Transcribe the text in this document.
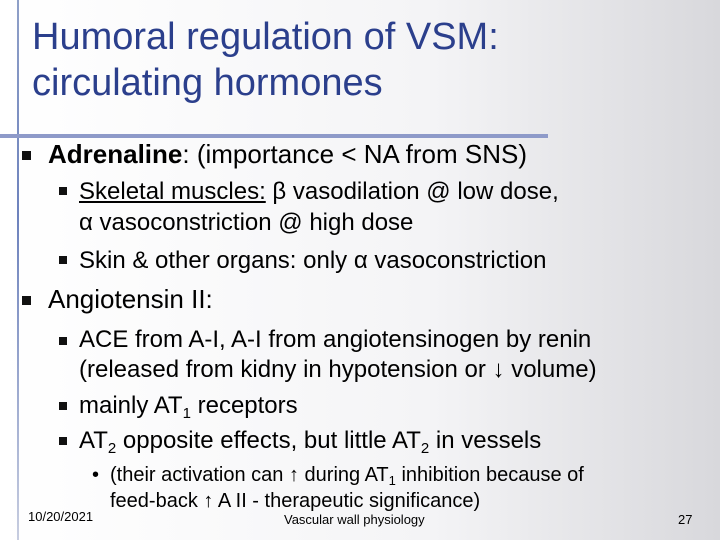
Humoral regulation of VSM:
circulating hormones
Adrenaline: (importance < NA from SNS)
Skeletal muscles: β vasodilation @ low dose,
α vasoconstriction @ high dose
Skin & other organs: only α vasoconstriction
Angiotensin II:
ACE from A-I, A-I from angiotensinogen by renin
(released from kidny in hypotension or ↓ volume)
mainly $AT_1$ receptors
$AT_2$ opposite effects, but little $AT_2$ in vessels
• (their activation can ↑ during $AT_1$ inhibition because of
feed-back ↑ A II - therapeutic significance)
10/20/2021	Vascular wall physiology	27
